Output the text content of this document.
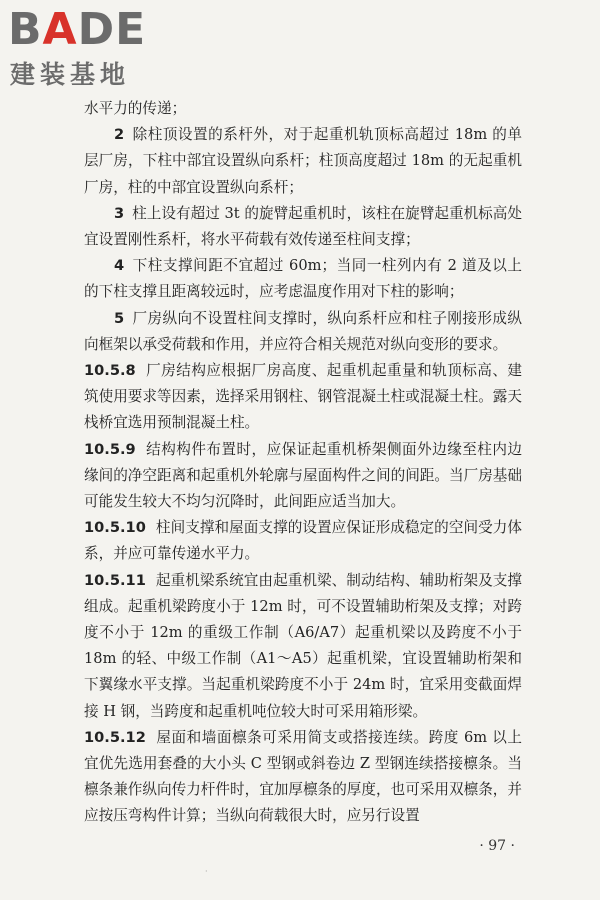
BADE
建装基地

水平力的传递；

2 除柱顶设置的系杆外，对于起重机轨顶标高超过 18m 的单层厂房，下柱中部宜设置纵向系杆；柱顶高度超过 18m 的无起重机厂房，柱的中部宜设置纵向系杆；

3 柱上设有超过 3t 的旋臂起重机时，该柱在旋臂起重机标高处宜设置刚性系杆，将水平荷载有效传递至柱间支撑；

4 下柱支撑间距不宜超过 60m；当同一柱列内有 2 道及以上的下柱支撑且距离较远时，应考虑温度作用对下柱的影响；

5 厂房纵向不设置柱间支撑时，纵向系杆应和柱子刚接形成纵向框架以承受荷载和作用，并应符合相关规范对纵向变形的要求。

10.5.8 厂房结构应根据厂房高度、起重机起重量和轨顶标高、建筑使用要求等因素，选择采用钢柱、钢管混凝土柱或混凝土柱。露天栈桥宜选用预制混凝土柱。

10.5.9 结构构件布置时，应保证起重机桥架侧面外边缘至柱内边缘间的净空距离和起重机外轮廓与屋面构件之间的间距。当厂房基础可能发生较大不均匀沉降时，此间距应适当加大。

10.5.10 柱间支撑和屋面支撑的设置应保证形成稳定的空间受力体系，并应可靠传递水平力。

10.5.11 起重机梁系统宜由起重机梁、制动结构、辅助桁架及支撑组成。起重机梁跨度小于 12m 时，可不设置辅助桁架及支撑；对跨度不小于 12m 的重级工作制（A6/A7）起重机梁以及跨度不小于 18m 的轻、中级工作制（A1～A5）起重机梁，宜设置辅助桁架和下翼缘水平支撑。当起重机梁跨度不小于 24m 时，宜采用变截面焊接 H 钢，当跨度和起重机吨位较大时可采用箱形梁。

10.5.12 屋面和墙面檩条可采用简支或搭接连续。跨度 6m 以上宜优先选用套叠的大小头 C 型钢或斜卷边 Z 型钢连续搭接檩条。当檩条兼作纵向传力杆件时，宜加厚檩条的厚度，也可采用双檩条，并应按压弯构件计算；当纵向荷载很大时，应另行设置

· 97 ·
·
